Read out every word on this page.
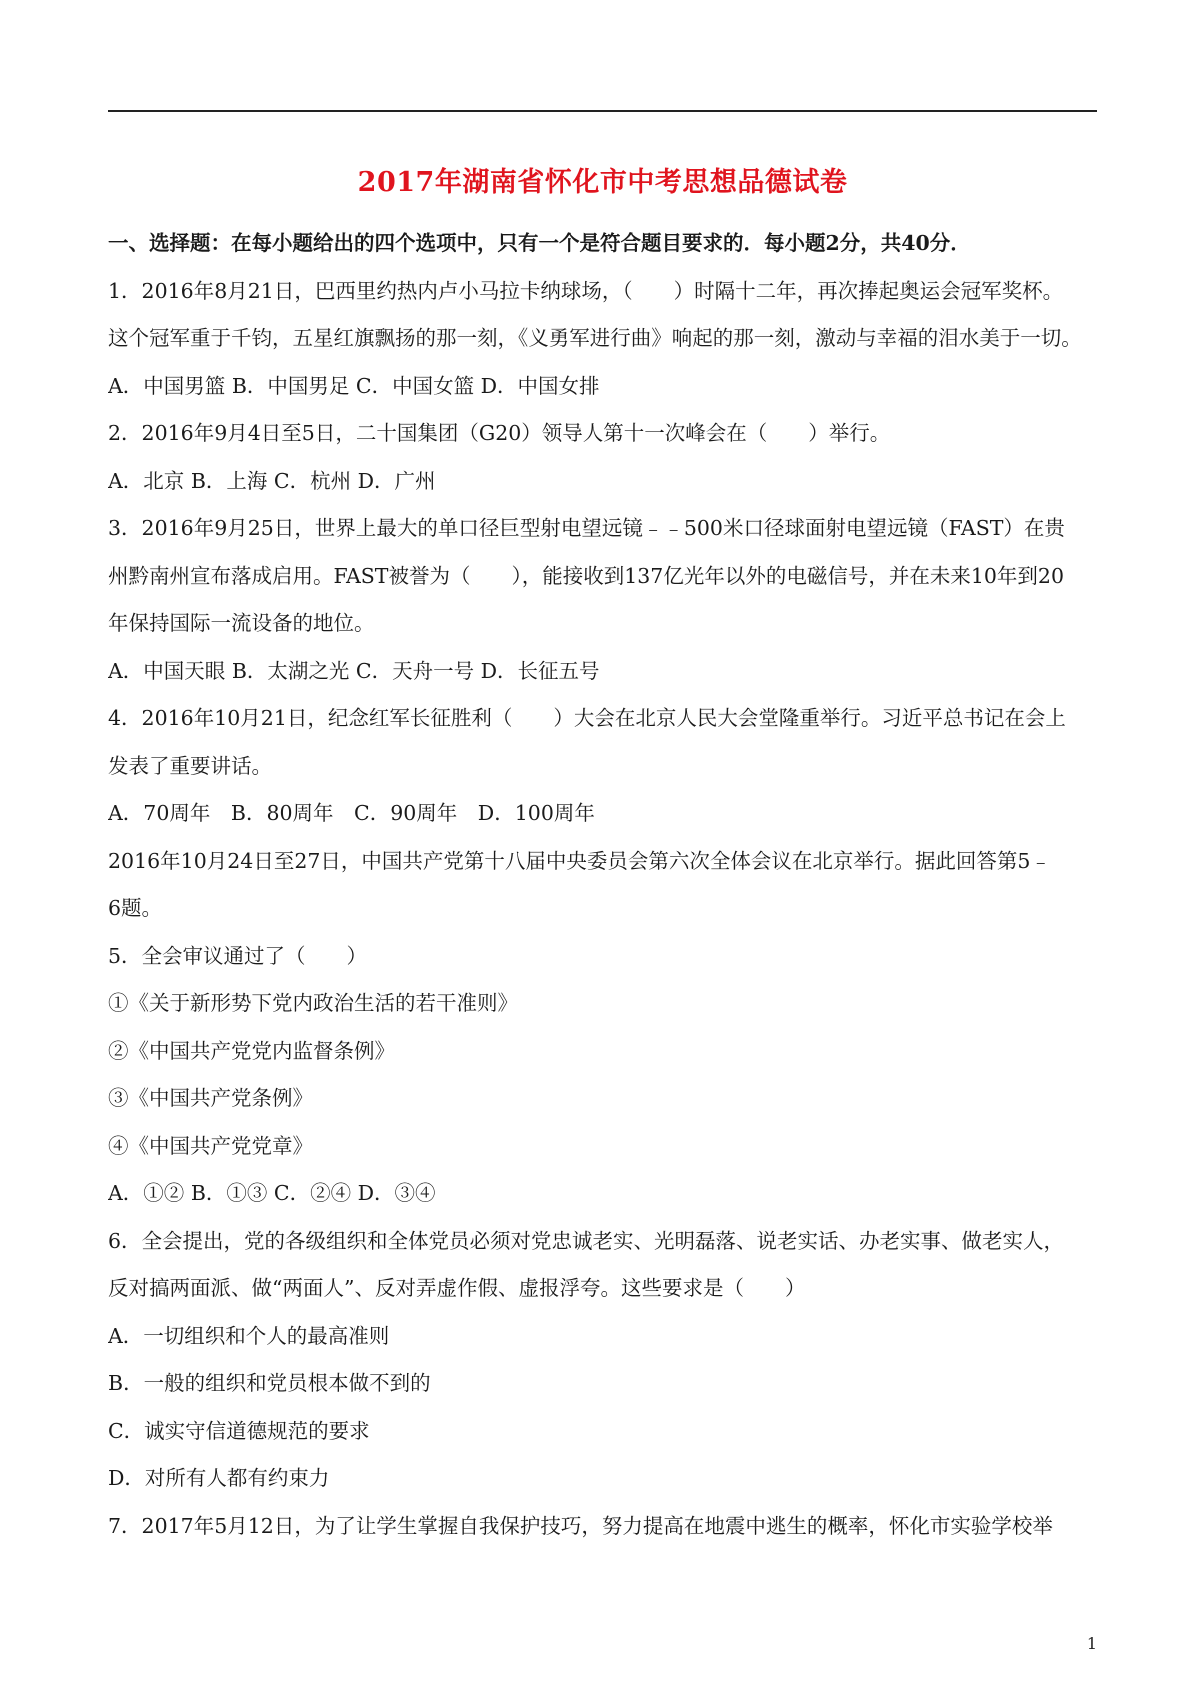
2017年湖南省怀化市中考思想品德试卷
一、选择题：在每小题给出的四个选项中，只有一个是符合题目要求的．每小题2分，共40分．
1．2016年8月21日，巴西里约热内卢小马拉卡纳球场，（　　）时隔十二年，再次捧起奥运会冠军奖杯。
这个冠军重于千钧，五星红旗飘扬的那一刻，《义勇军进行曲》响起的那一刻，激动与幸福的泪水美于一切。
A．中国男篮 B．中国男足 C．中国女篮 D．中国女排
2．2016年9月4日至5日，二十国集团（G20）领导人第十一次峰会在（　　）举行。
A．北京 B．上海 C．杭州 D．广州
3．2016年9月25日，世界上最大的单口径巨型射电望远镜﹣﹣500米口径球面射电望远镜（FAST）在贵
州黔南州宣布落成启用。FAST被誉为（　　），能接收到137亿光年以外的电磁信号，并在未来10年到20
年保持国际一流设备的地位。
A．中国天眼 B．太湖之光 C．天舟一号 D．长征五号
4．2016年10月21日，纪念红军长征胜利（　　）大会在北京人民大会堂隆重举行。习近平总书记在会上
发表了重要讲话。
A．70周年　B．80周年　C．90周年　D．100周年
2016年10月24日至27日，中国共产党第十八届中央委员会第六次全体会议在北京举行。据此回答第5﹣
6题。
5．全会审议通过了（　　）
①《关于新形势下党内政治生活的若干准则》
②《中国共产党党内监督条例》
③《中国共产党条例》
④《中国共产党党章》
A．①② B．①③ C．②④ D．③④
6．全会提出，党的各级组织和全体党员必须对党忠诚老实、光明磊落、说老实话、办老实事、做老实人，
反对搞两面派、做“两面人”、反对弄虚作假、虚报浮夸。这些要求是（　　）
A．一切组织和个人的最高准则
B．一般的组织和党员根本做不到的
C．诚实守信道德规范的要求
D．对所有人都有约束力
7．2017年5月12日，为了让学生掌握自我保护技巧，努力提高在地震中逃生的概率，怀化市实验学校举
1
